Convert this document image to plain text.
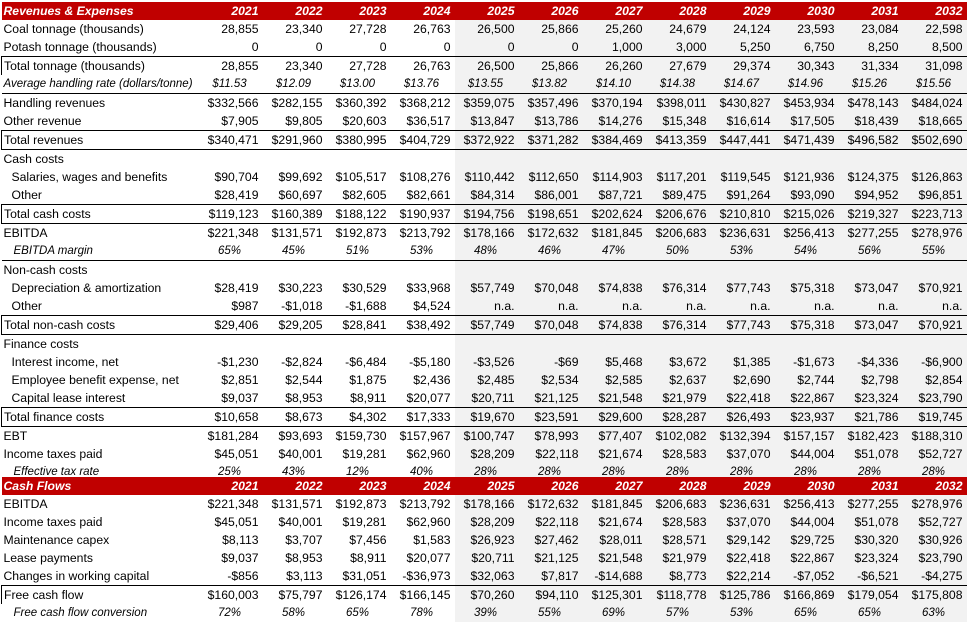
Revenues & Expenses	2021	2022	2023	2024	2025	2026	2027	2028	2029	2030	2031	2032
Coal tonnage (thousands)	28,855	23,340	27,728	26,763	26,500	25,866	25,260	24,679	24,124	23,593	23,084	22,598
Potash tonnage (thousands)	0	0	0	0	0	0	1,000	3,000	5,250	6,750	8,250	8,500
Total tonnage (thousands)	28,855	23,340	27,728	26,763	26,500	25,866	26,260	27,679	29,374	30,343	31,334	31,098
Average handling rate (dollars/tonne)	$11.53	$12.09	$13.00	$13.76	$13.55	$13.82	$14.10	$14.38	$14.67	$14.96	$15.26	$15.56
Handling revenues	$332,566	$282,155	$360,392	$368,212	$359,075	$357,496	$370,194	$398,011	$430,827	$453,934	$478,143	$484,024
Other revenue	$7,905	$9,805	$20,603	$36,517	$13,847	$13,786	$14,276	$15,348	$16,614	$17,505	$18,439	$18,665
Total revenues	$340,471	$291,960	$380,995	$404,729	$372,922	$371,282	$384,469	$413,359	$447,441	$471,439	$496,582	$502,690
Cash costs												
Salaries, wages and benefits	$90,704	$99,692	$105,517	$108,276	$110,442	$112,650	$114,903	$117,201	$119,545	$121,936	$124,375	$126,863
Other	$28,419	$60,697	$82,605	$82,661	$84,314	$86,001	$87,721	$89,475	$91,264	$93,090	$94,952	$96,851
Total cash costs	$119,123	$160,389	$188,122	$190,937	$194,756	$198,651	$202,624	$206,676	$210,810	$215,026	$219,327	$223,713
EBITDA	$221,348	$131,571	$192,873	$213,792	$178,166	$172,632	$181,845	$206,683	$236,631	$256,413	$277,255	$278,976
EBITDA margin	65%	45%	51%	53%	48%	46%	47%	50%	53%	54%	56%	55%
Non-cash costs												
Depreciation & amortization	$28,419	$30,223	$30,529	$33,968	$57,749	$70,048	$74,838	$76,314	$77,743	$75,318	$73,047	$70,921
Other	$987	-$1,018	-$1,688	$4,524	n.a.	n.a.	n.a.	n.a.	n.a.	n.a.	n.a.	n.a.
Total non-cash costs	$29,406	$29,205	$28,841	$38,492	$57,749	$70,048	$74,838	$76,314	$77,743	$75,318	$73,047	$70,921
Finance costs												
Interest income, net	-$1,230	-$2,824	-$6,484	-$5,180	-$3,526	-$69	$5,468	$3,672	$1,385	-$1,673	-$4,336	-$6,900
Employee benefit expense, net	$2,851	$2,544	$1,875	$2,436	$2,485	$2,534	$2,585	$2,637	$2,690	$2,744	$2,798	$2,854
Capital lease interest	$9,037	$8,953	$8,911	$20,077	$20,711	$21,125	$21,548	$21,979	$22,418	$22,867	$23,324	$23,790
Total finance costs	$10,658	$8,673	$4,302	$17,333	$19,670	$23,591	$29,600	$28,287	$26,493	$23,937	$21,786	$19,745
EBT	$181,284	$93,693	$159,730	$157,967	$100,747	$78,993	$77,407	$102,082	$132,394	$157,157	$182,423	$188,310
Income taxes paid	$45,051	$40,001	$19,281	$62,960	$28,209	$22,118	$21,674	$28,583	$37,070	$44,004	$51,078	$52,727
Effective tax rate	25%	43%	12%	40%	28%	28%	28%	28%	28%	28%	28%	28%
Cash Flows	2021	2022	2023	2024	2025	2026	2027	2028	2029	2030	2031	2032
EBITDA	$221,348	$131,571	$192,873	$213,792	$178,166	$172,632	$181,845	$206,683	$236,631	$256,413	$277,255	$278,976
Income taxes paid	$45,051	$40,001	$19,281	$62,960	$28,209	$22,118	$21,674	$28,583	$37,070	$44,004	$51,078	$52,727
Maintenance capex	$8,113	$3,707	$7,456	$1,583	$26,923	$27,462	$28,011	$28,571	$29,142	$29,725	$30,320	$30,926
Lease payments	$9,037	$8,953	$8,911	$20,077	$20,711	$21,125	$21,548	$21,979	$22,418	$22,867	$23,324	$23,790
Changes in working capital	-$856	$3,113	$31,051	-$36,973	$32,063	$7,817	-$14,688	$8,773	$22,214	-$7,052	-$6,521	-$4,275
Free cash flow	$160,003	$75,797	$126,174	$166,145	$70,260	$94,110	$125,301	$118,778	$125,786	$166,869	$179,054	$175,808
Free cash flow conversion	72%	58%	65%	78%	39%	55%	69%	57%	53%	65%	65%	63%
